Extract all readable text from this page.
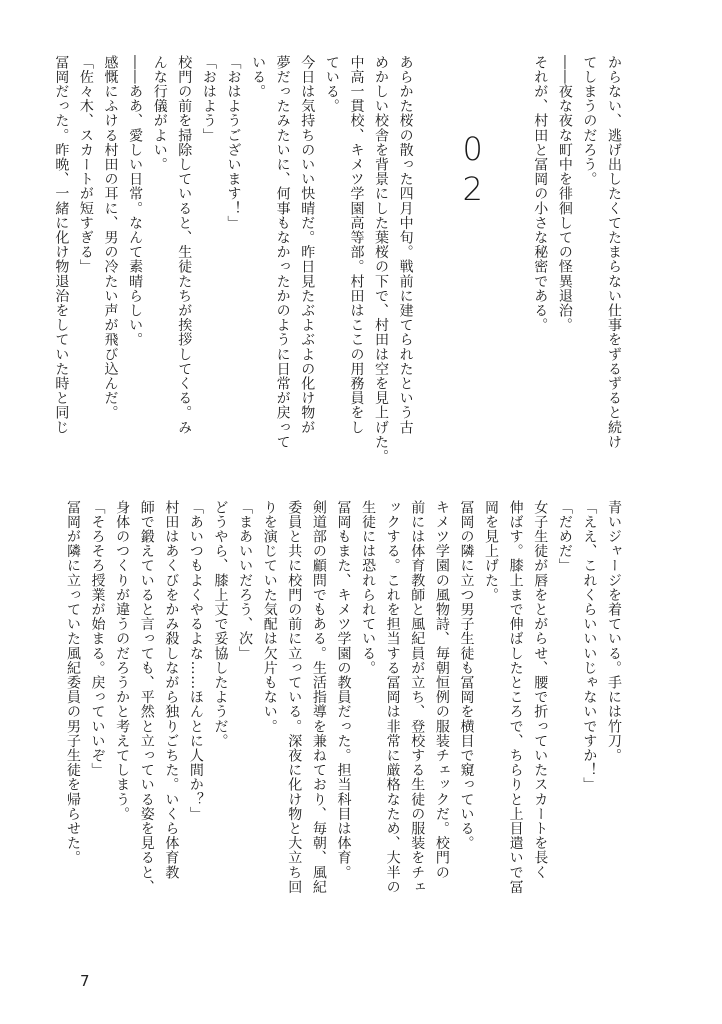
からない、逃げ出したくてたまらない仕事をずるずると続け

てしまうのだろう。

――夜な夜な町中を徘徊しての怪異退治。

それが、村田と冨岡の小さな秘密である。

02

あらかた桜の散った四月中旬。戦前に建てられたという古

めかしい校舎を背景にした葉桜の下で、村田は空を見上げた。

中高一貫校、キメツ学園高等部。村田はここの用務員をし

ている。

今日は気持ちのいい快晴だ。昨日見たぶよぶよの化け物が

夢だったみたいに、何事もなかったかのように日常が戻って

いる。

「おはようございます！」

「おはよう」

校門の前を掃除していると、生徒たちが挨拶してくる。み

んな行儀がよい。

――ああ、愛しい日常。なんて素晴らしい。

感慨にふける村田の耳に、男の冷たい声が飛び込んだ。

「佐々木、スカートが短すぎる」

冨岡だった。昨晩、一緒に化け物退治をしていた時と同じ

青いジャージを着ている。手には竹刀。

「ええ、これくらいいいじゃないですか！」

「だめだ」

女子生徒が唇をとがらせ、腰で折っていたスカートを長く

伸ばす。膝上まで伸ばしたところで、ちらりと上目遣いで冨

岡を見上げた。

冨岡の隣に立つ男子生徒も冨岡を横目で窺っている。

キメツ学園の風物詩、毎朝恒例の服装チェックだ。校門の

前には体育教師と風紀員が立ち、登校する生徒の服装をチェ

ックする。これを担当する冨岡は非常に厳格なため、大半の

生徒には恐れられている。

冨岡もまた、キメツ学園の教員だった。担当科目は体育。

剣道部の顧問でもある。生活指導を兼ねており、毎朝、風紀

委員と共に校門の前に立っている。深夜に化け物と大立ち回

りを演じていた気配は欠片もない。

「まあいいだろう、次」

どうやら、膝上丈で妥協したようだ。

「あいつもよくやるよな……ほんとに人間か？」

村田はあくびをかみ殺しながら独りごちた。いくら体育教

師で鍛えていると言っても、平然と立っている姿を見ると、

身体のつくりが違うのだろうかと考えてしまう。

「そろそろ授業が始まる。戻っていいぞ」

冨岡が隣に立っていた風紀委員の男子生徒を帰らせた。

7
